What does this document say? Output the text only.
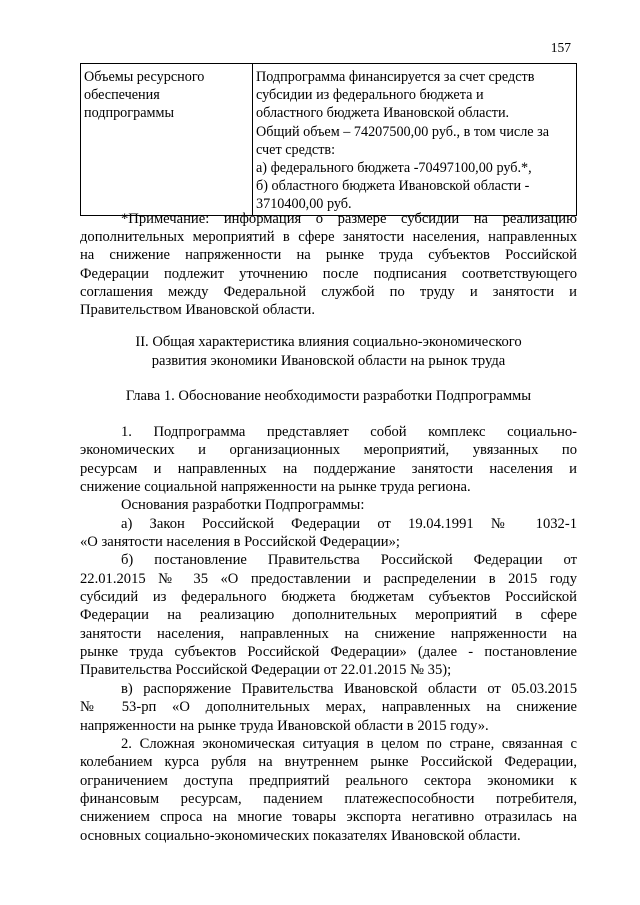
157
Объемы ресурсного
обеспечения
подпрограммы

Подпрограмма финансируется за счет средств
субсидии из федерального бюджета и
областного бюджета Ивановской области.
Общий объем – 74207500,00 руб., в том числе за
счет средств:
а) федерального бюджета -70497100,00 руб.*,
б) областного бюджета Ивановской области -
3710400,00 руб.
*Примечание: информация о размере субсидии на реализацию
дополнительных мероприятий в сфере занятости населения, направленных
на снижение напряженности на рынке труда субъектов Российской
Федерации подлежит уточнению после подписания соответствующего
соглашения между Федеральной службой по труду и занятости и
Правительством Ивановской области.
II. Общая характеристика влияния социально-экономического
развития экономики Ивановской области на рынок труда
Глава 1. Обоснование необходимости разработки Подпрограммы
1. Подпрограмма представляет собой комплекс социально-
экономических и организационных мероприятий, увязанных по
ресурсам и направленных на поддержание занятости населения и
снижение социальной напряженности на рынке труда региона.
Основания разработки Подпрограммы:
а) Закон Российской Федерации от 19.04.1991 № 1032-1
«О занятости населения в Российской Федерации»;
б) постановление Правительства Российской Федерации от
22.01.2015 № 35 «О предоставлении и распределении в 2015 году
субсидий из федерального бюджета бюджетам субъектов Российской
Федерации на реализацию дополнительных мероприятий в сфере
занятости населения, направленных на снижение напряженности на
рынке труда субъектов Российской Федерации» (далее - постановление
Правительства Российской Федерации от 22.01.2015 № 35);
в) распоряжение Правительства Ивановской области от 05.03.2015
№ 53-рп «О дополнительных мерах, направленных на снижение
напряженности на рынке труда Ивановской области в 2015 году».
2. Сложная экономическая ситуация в целом по стране, связанная с
колебанием курса рубля на внутреннем рынке Российской Федерации,
ограничением доступа предприятий реального сектора экономики к
финансовым ресурсам, падением платежеспособности потребителя,
снижением спроса на многие товары экспорта негативно отразилась на
основных социально-экономических показателях Ивановской области.
